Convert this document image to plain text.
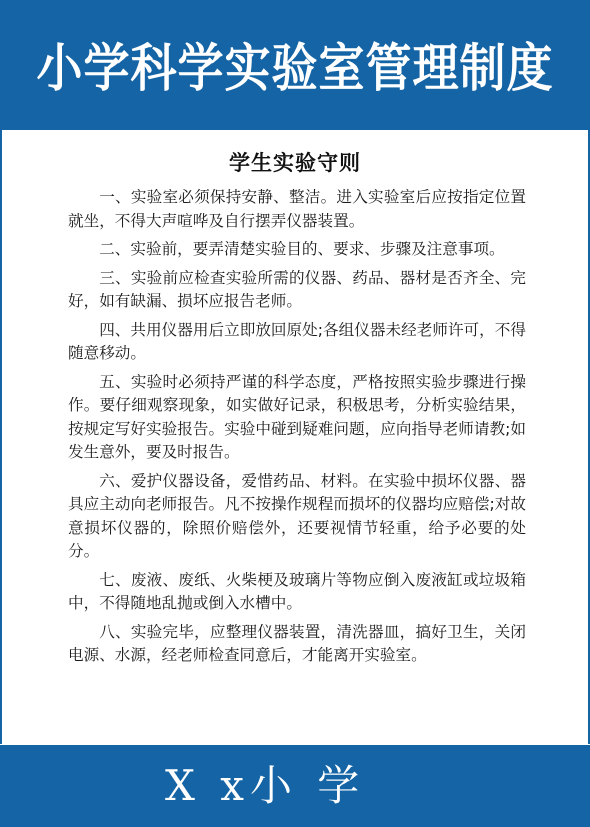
小学科学实验室管理制度
学生实验守则

一、实验室必须保持安静、整洁。进入实验室后应按指定位置就坐，不得大声喧哗及自行摆弄仪器装置。

二、实验前，要弄清楚实验目的、要求、步骤及注意事项。

三、实验前应检查实验所需的仪器、药品、器材是否齐全、完好，如有缺漏、损坏应报告老师。

四、共用仪器用后立即放回原处;各组仪器未经老师许可，不得随意移动。

五、实验时必须持严谨的科学态度，严格按照实验步骤进行操作。要仔细观察现象，如实做好记录，积极思考，分析实验结果，按规定写好实验报告。实验中碰到疑难问题，应向指导老师请教;如发生意外，要及时报告。

六、爱护仪器设备，爱惜药品、材料。在实验中损坏仪器、器具应主动向老师报告。凡不按操作规程而损坏的仪器均应赔偿;对故意损坏仪器的，除照价赔偿外，还要视情节轻重，给予必要的处分。

七、废液、废纸、火柴梗及玻璃片等物应倒入废液缸或垃圾箱中，不得随地乱抛或倒入水槽中。

八、实验完毕，应整理仪器装置，清洗器皿，搞好卫生，关闭电源、水源，经老师检查同意后，才能离开实验室。

X x小 学
